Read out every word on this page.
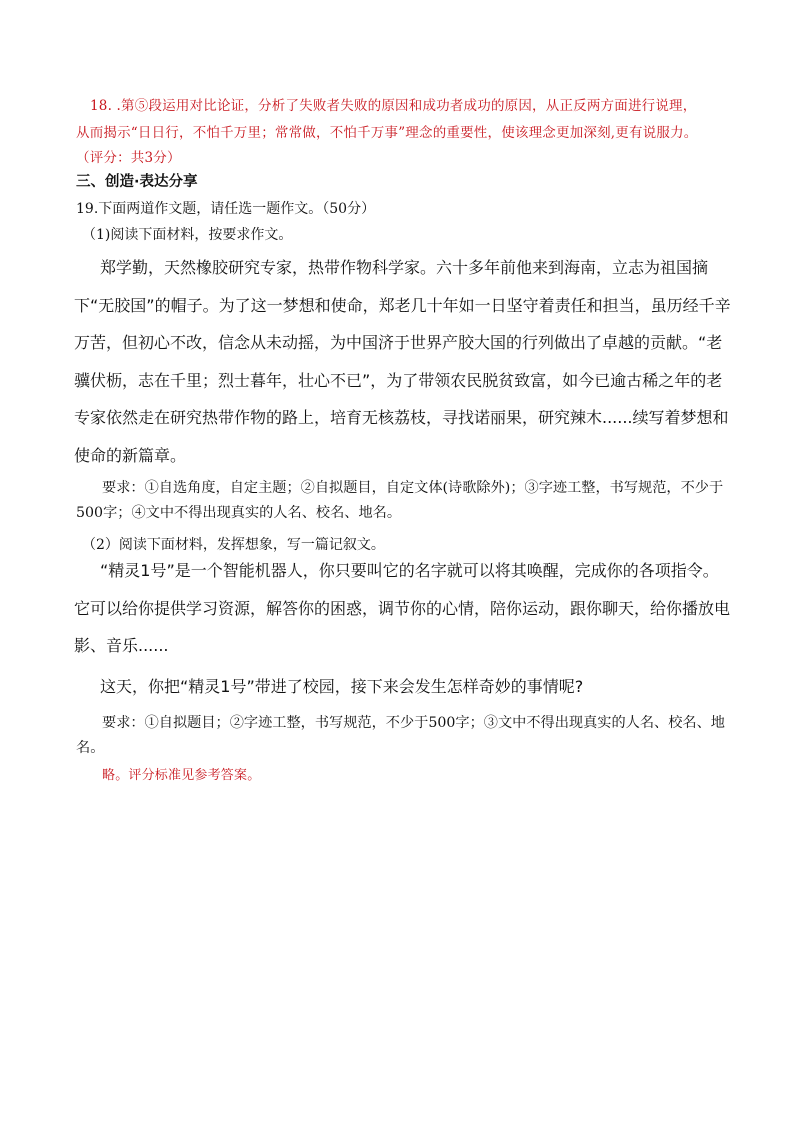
18. .第⑤段运用对比论证，分析了失败者失败的原因和成功者成功的原因，从正反两方面进行说理，
从而揭示“日日行，不怕千万里；常常做，不怕千万事”理念的重要性，使该理念更加深刻,更有说服力。
（评分：共3分）
三、创造·表达分享
19.下面两道作文题，请任选一题作文。（50分）
（1)阅读下面材料，按要求作文。

郑学勤，天然橡胶研究专家，热带作物科学家。六十多年前他来到海南，立志为祖国摘下“无胶国”的帽子。为了这一梦想和使命，郑老几十年如一日坚守着责任和担当，虽历经千辛万苦，但初心不改，信念从未动摇，为中国济于世界产胶大国的行列做出了卓越的贡献。“老骥伏枥，志在千里；烈士暮年，壮心不已”，为了带领农民脱贫致富，如今已逾古稀之年的老专家依然走在研究热带作物的路上，培育无核荔枝，寻找诺丽果，研究辣木......续写着梦想和使命的新篇章。

要求：①自选角度，自定主题；②自拟题目，自定文体(诗歌除外)；③字迹工整，书写规范，不少于500字；④文中不得出现真实的人名、校名、地名。

（2）阅读下面材料，发挥想象，写一篇记叙文。

“精灵1号”是一个智能机器人，你只要叫它的名字就可以将其唤醒，完成你的各项指令。它可以给你提供学习资源，解答你的困惑，调节你的心情，陪你运动，跟你聊天，给你播放电影、音乐......

这天，你把“精灵1号”带进了校园，接下来会发生怎样奇妙的事情呢?

要求：①自拟题目；②字迹工整，书写规范，不少于500字；③文中不得出现真实的人名、校名、地名。

略。评分标准见参考答案。
